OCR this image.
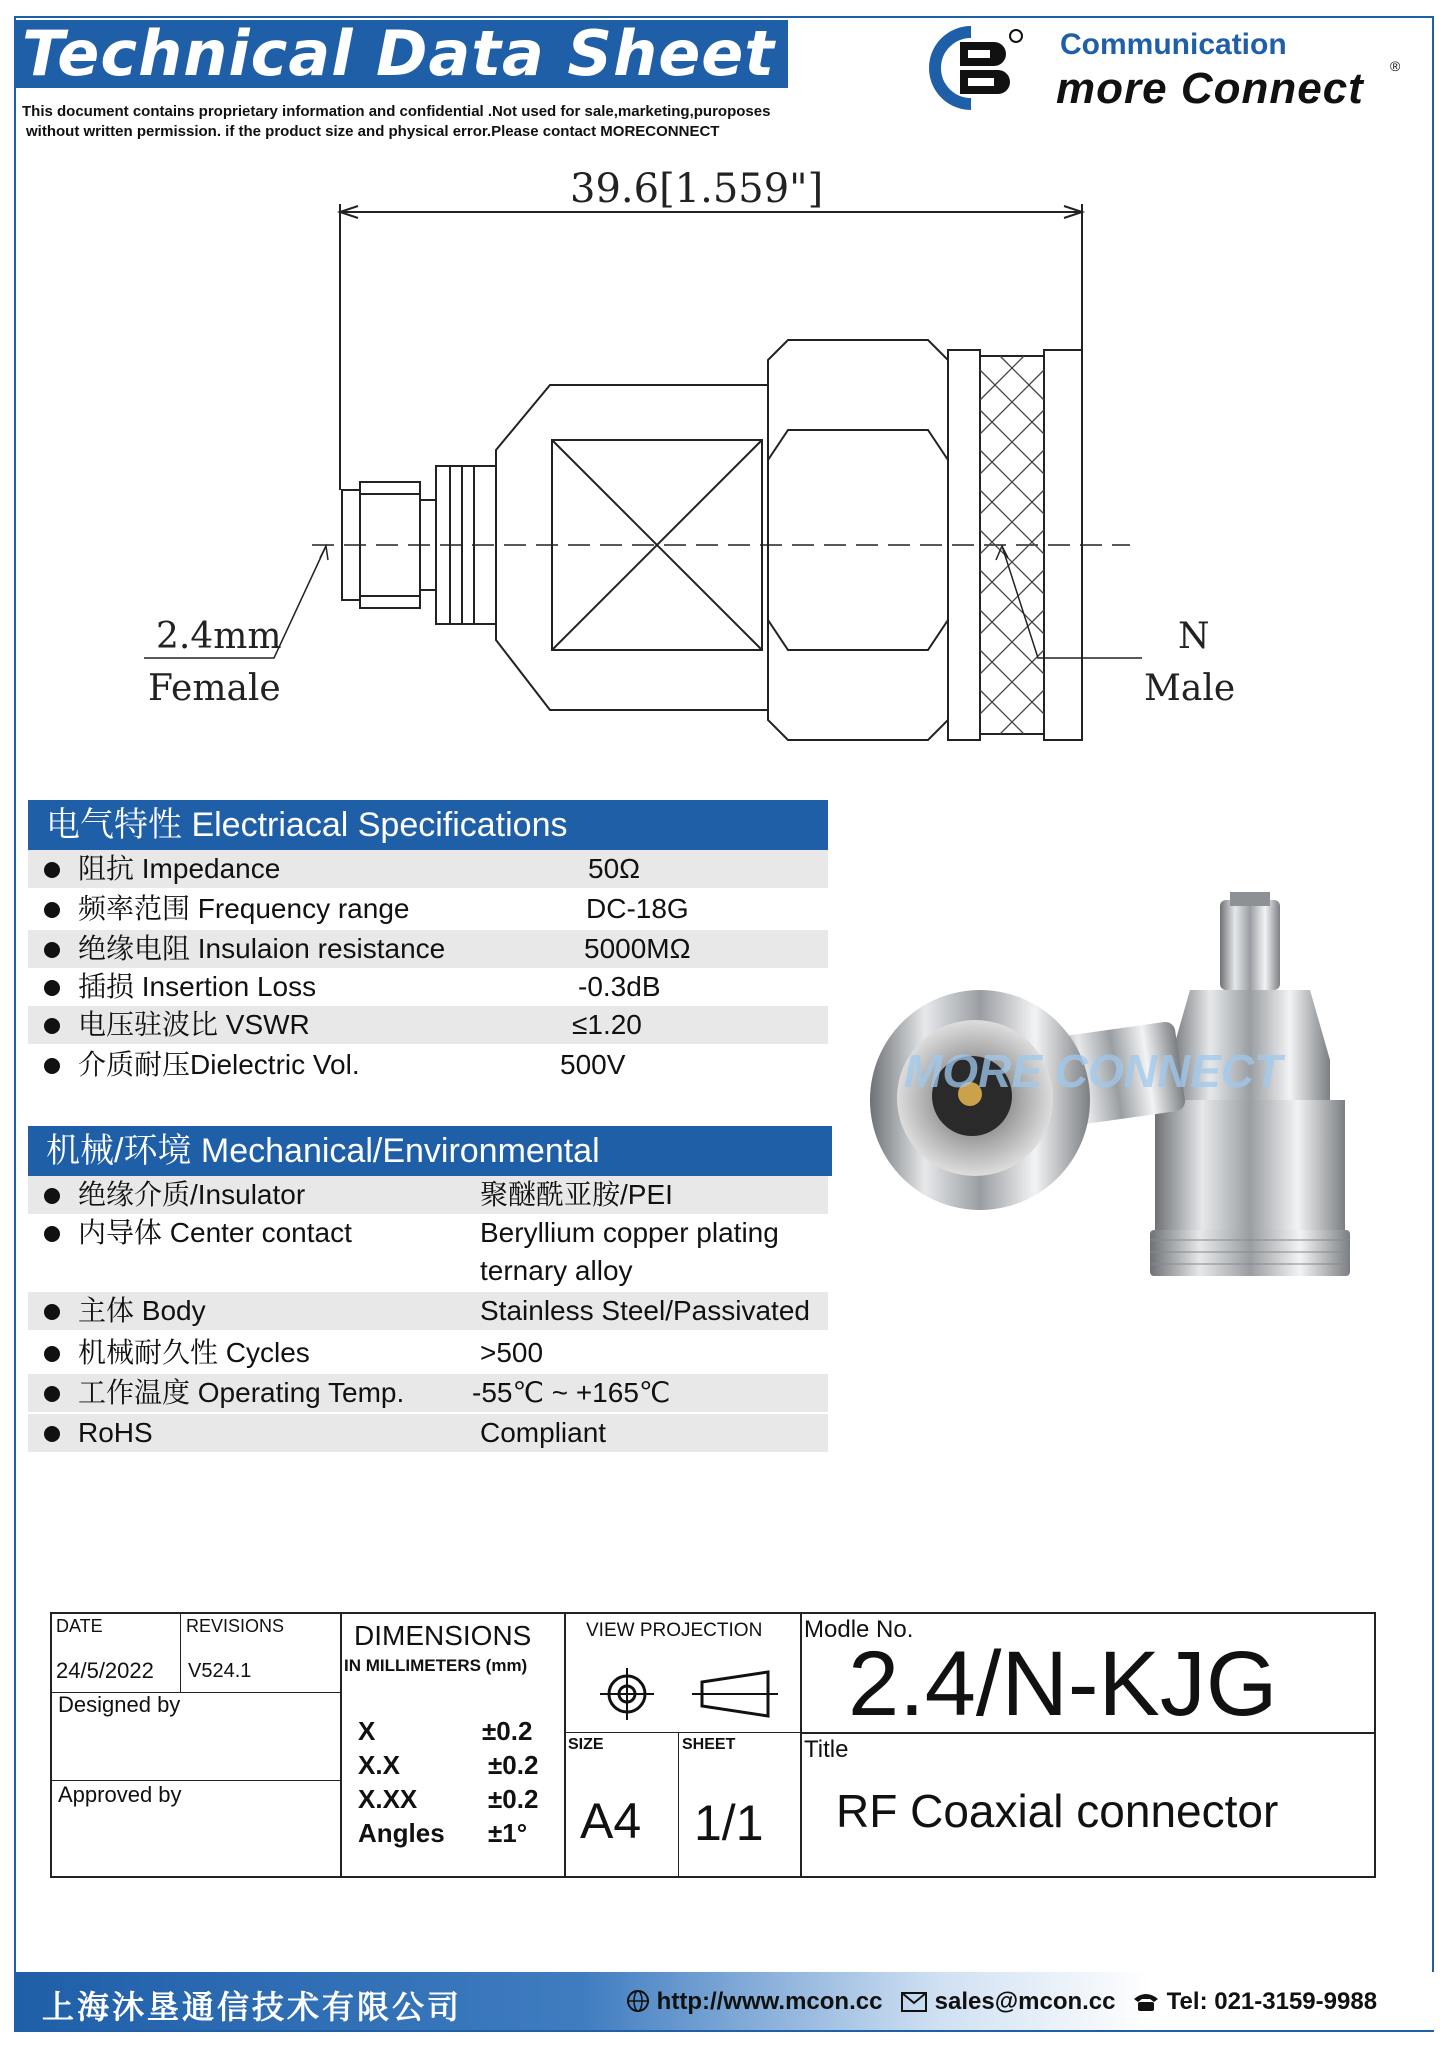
Technical Data Sheet
This document contains proprietary information and confidential .Not used for sale,marketing,puroposes
without written permission. if the product size and physical error.Please contact MORECONNECT
Communication
more Connect ®
39.6[1.559"]
2.4mm
Female
N
Male
电气特性 Electriacal Specifications
阻抗 Impedance	50Ω
频率范围 Frequency range	DC-18G
绝缘电阻 Insulaion resistance	5000MΩ
插损 Insertion Loss	-0.3dB
电压驻波比 VSWR	≤1.20
介质耐压Dielectric Vol.	500V
机械/环境 Mechanical/Environmental
绝缘介质/Insulator	聚醚酰亚胺/PEI
内导体 Center contact	Beryllium copper plating
ternary alloy
主体 Body	Stainless Steel/Passivated
机械耐久性 Cycles	>500
工作温度 Operating Temp. -55℃ ~ +165℃
RoHS	Compliant
MORE CONNECT
DATE
24/5/2022
REVISIONS
V524.1
Designed by
Approved by
DIMENSIONS
IN MILLIMETERS (mm)
X	±0.2
X.X	±0.2
X.XX	±0.2
Angles ±1°
VIEW PROJECTION
SIZE
A4
SHEET
1/1
Modle No.
2.4/N-KJG
Title
RF Coaxial connector
上海沐垦通信技术有限公司	http://www.mcon.cc	sales@mcon.cc	Tel: 021-3159-9988
